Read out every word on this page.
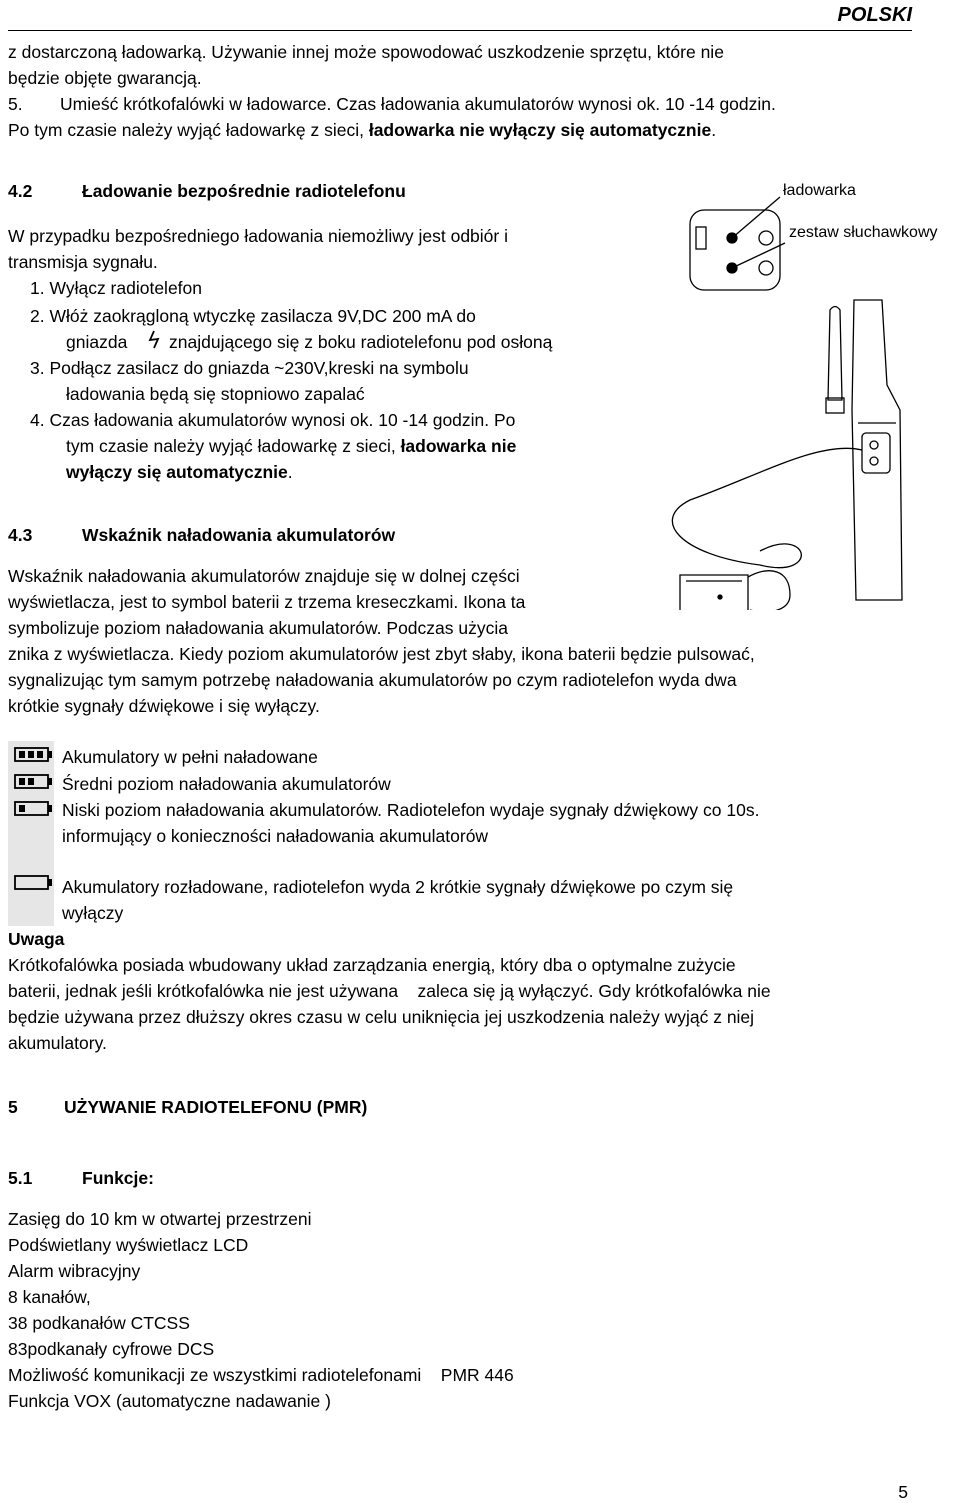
POLSKI
z dostarczoną ładowarką. Używanie innej może spowodować uszkodzenie sprzętu, które nie
będzie objęte gwarancją.
5. Umieść krótkofalówki w ładowarce. Czas ładowania akumulatorów wynosi ok. 10 -14 godzin.
Po tym czasie należy wyjąć ładowarkę z sieci, ładowarka nie wyłączy się automatycznie.
4.2	Ładowanie bezpośrednie radiotelefonu
W przypadku bezpośredniego ładowania niemożliwy jest odbiór i
transmisja sygnału.
1. Wyłącz radiotelefon
2. Włóż zaokrągloną wtyczkę zasilacza 9V,DC 200 mA do
gniazda znajdującego się z boku radiotelefonu pod osłoną
3. Podłącz zasilacz do gniazda ~230V,kreski na symbolu
ładowania będą się stopniowo zapalać
4. Czas ładowania akumulatorów wynosi ok. 10 -14 godzin. Po
tym czasie należy wyjąć ładowarkę z sieci, ładowarka nie
wyłączy się automatycznie.
ładowarka
zestaw słuchawkowy
4.3	Wskaźnik naładowania akumulatorów
Wskaźnik naładowania akumulatorów znajduje się w dolnej części
wyświetlacza, jest to symbol baterii z trzema kreseczkami. Ikona ta
symbolizuje poziom naładowania akumulatorów. Podczas użycia
znika z wyświetlacza. Kiedy poziom akumulatorów jest zbyt słaby, ikona baterii będzie pulsować,
sygnalizując tym samym potrzebę naładowania akumulatorów po czym radiotelefon wyda dwa
krótkie sygnały dźwiękowe i się wyłączy.
Akumulatory w pełni naładowane
Średni poziom naładowania akumulatorów
Niski poziom naładowania akumulatorów. Radiotelefon wydaje sygnały dźwiękowy co 10s.
informujący o konieczności naładowania akumulatorów
Akumulatory rozładowane, radiotelefon wyda 2 krótkie sygnały dźwiękowe po czym się
wyłączy
Uwaga
Krótkofalówka posiada wbudowany układ zarządzania energią, który dba o optymalne zużycie
baterii, jednak jeśli krótkofalówka nie jest używana    zaleca się ją wyłączyć. Gdy krótkofalówka nie
będzie używana przez dłuższy okres czasu w celu uniknięcia jej uszkodzenia należy wyjąć z niej
akumulatory.
5	UŻYWANIE RADIOTELEFONU (PMR)
5.1	Funkcje:
Zasięg do 10 km w otwartej przestrzeni
Podświetlany wyświetlacz LCD
Alarm wibracyjny
8 kanałów,
38 podkanałów CTCSS
83podkanały cyfrowe DCS
Możliwość komunikacji ze wszystkimi radiotelefonami    PMR 446
Funkcja VOX (automatyczne nadawanie )
5
